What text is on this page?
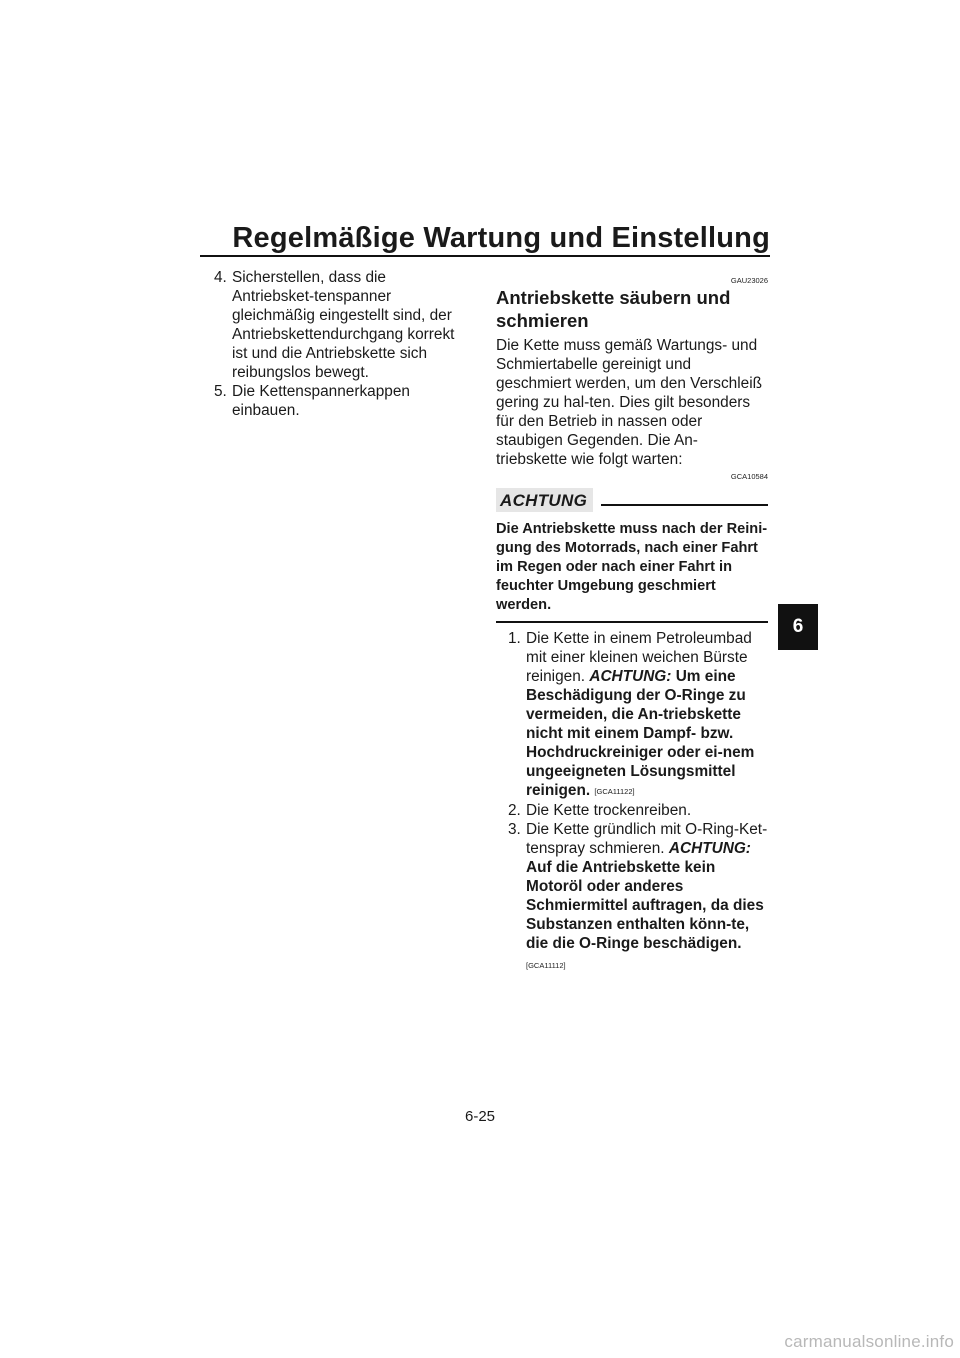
Regelmäßige Wartung und Einstellung
6

4. Sicherstellen, dass die Antriebsket-tenspanner gleichmäßig eingestellt sind, der Antriebskettendurchgang korrekt ist und die Antriebskette sich reibungslos bewegt.

5. Die Kettenspannerkappen einbauen.

GAU23026
Antriebskette säubern und schmieren

Die Kette muss gemäß Wartungs- und Schmiertabelle gereinigt und geschmiert werden, um den Verschleiß gering zu hal-ten. Dies gilt besonders für den Betrieb in nassen oder staubigen Gegenden. Die An-triebskette wie folgt warten:

GCA10584
ACHTUNG
Die Antriebskette muss nach der Reini-gung des Motorrads, nach einer Fahrt im Regen oder nach einer Fahrt in feuchter Umgebung geschmiert werden.

1. Die Kette in einem Petroleumbad mit einer kleinen weichen Bürste reinigen. ACHTUNG: Um eine Beschädigung der O-Ringe zu vermeiden, die An-triebskette nicht mit einem Dampf- bzw. Hochdruckreiniger oder ei-nem ungeeigneten Lösungsmittel reinigen. [GCA11122]

2. Die Kette trockenreiben.

3. Die Kette gründlich mit O-Ring-Ket-tenspray schmieren. ACHTUNG: Auf die Antriebskette kein Motoröl oder anderes Schmiermittel auftragen, da dies Substanzen enthalten könn-te, die die O-Ringe beschädigen.

[GCA11112]
6-25
carmanualsonline.info
